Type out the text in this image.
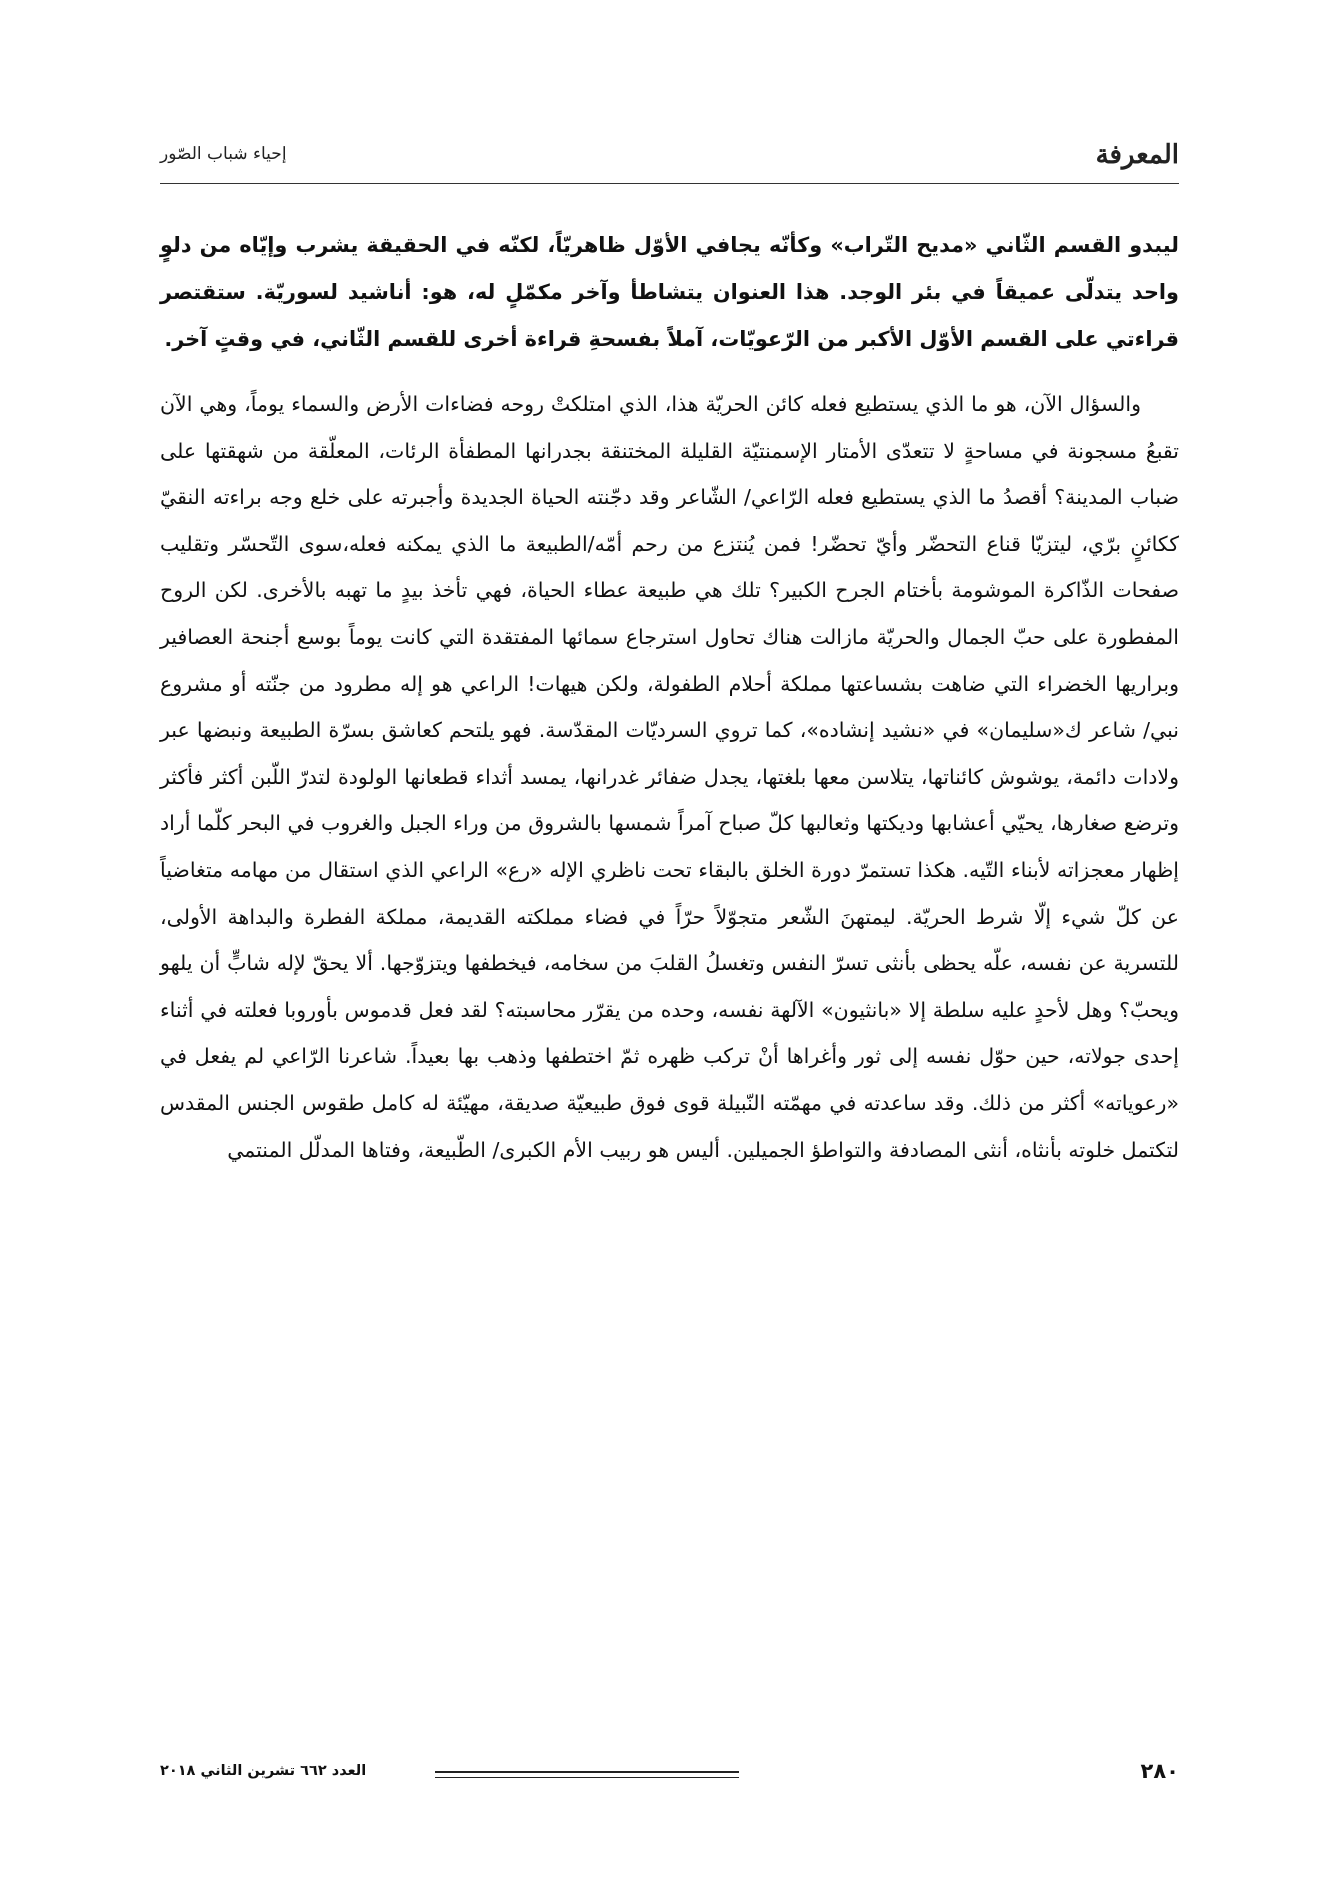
المعرفة
إحياء شباب الصّور

ليبدو القسم الثّاني «مديح التّراب» وكأنّه يجافي الأوّل ظاهريّاً، لكنّه في الحقيقة يشرب وإيّاه من دلوٍ واحد يتدلّى عميقاً في بئر الوجد. هذا العنوان يتشاطأ وآخر مكمّلٍ له، هو: أناشيد لسوريّة. ستقتصر قراءتي على القسم الأوّل الأكبر من الرّعويّات، آملاً بفسحةِ قراءة أخرى للقسم الثّاني، في وقتٍ آخر.

والسؤال الآن، هو ما الذي يستطيع فعله كائن الحريّة هذا، الذي امتلكتْ روحه فضاءات الأرض والسماء يوماً، وهي الآن تقبعُ مسجونة في مساحةٍ لا تتعدّى الأمتار الإسمنتيّة القليلة المختنقة بجدرانها المطفأة الرئات، المعلّقة من شهقتها على ضباب المدينة؟ أقصدُ ما الذي يستطيع فعله الرّاعي/ الشّاعر وقد دجّنته الحياة الجديدة وأجبرته على خلع وجه براءته النقيّ ككائنٍ برّي، ليتزيّا قناع التحضّر وأيّ تحضّر! فمن يُنتزع من رحم أمّه/الطبيعة ما الذي يمكنه فعله،سوى التّحسّر وتقليب صفحات الذّاكرة الموشومة بأختام الجرح الكبير؟ تلك هي طبيعة عطاء الحياة، فهي تأخذ بيدٍ ما تهبه بالأخرى. لكن الروح المفطورة على حبّ الجمال والحريّة مازالت هناك تحاول استرجاع سمائها المفتقدة التي كانت يوماً بوسع أجنحة العصافير وبراريها الخضراء التي ضاهت بشساعتها مملكة أحلام الطفولة، ولكن هيهات! الراعي هو إله مطرود من جنّته أو مشروع نبي/ شاعر ك«سليمان» في «نشيد إنشاده»، كما تروي السرديّات المقدّسة. فهو يلتحم كعاشق بسرّة الطبيعة ونبضها عبر ولادات دائمة، يوشوش كائناتها، يتلاسن معها بلغتها، يجدل ضفائر غدرانها، يمسد أثداء قطعانها الولودة لتدرّ اللّبن أكثر فأكثر وترضع صغارها، يحيّي أعشابها وديكتها وثعالبها كلّ صباح آمراً شمسها بالشروق من وراء الجبل والغروب في البحر كلّما أراد إظهار معجزاته لأبناء التّيه. هكذا تستمرّ دورة الخلق بالبقاء تحت ناظري الإله «رع» الراعي الذي استقال من مهامه متغاضياً عن كلّ شيء إلّا شرط الحريّة. ليمتهنَ الشّعر متجوّلاً حرّاً في فضاء مملكته القديمة، مملكة الفطرة والبداهة الأولى، للتسرية عن نفسه، علّه يحظى بأنثى تسرّ النفس وتغسلُ القلبَ من سخامه، فيخطفها ويتزوّجها. ألا يحقّ لإله شابٍّ أن يلهو ويحبّ؟ وهل لأحدٍ عليه سلطة إلا «بانثيون» الآلهة نفسه، وحده من يقرّر محاسبته؟ لقد فعل قدموس بأوروبا فعلته في أثناء إحدى جولاته، حين حوّل نفسه إلى ثور وأغراها أنْ تركب ظهره ثمّ اختطفها وذهب بها بعيداً. شاعرنا الرّاعي لم يفعل في «رعوياته» أكثر من ذلك. وقد ساعدته في مهمّته النّبيلة قوى فوق طبيعيّة صديقة، مهيّئة له كامل طقوس الجنس المقدس لتكتمل خلوته بأنثاه، أنثى المصادفة والتواطؤ الجميلين. أليس هو ربيب الأم الكبرى/ الطّبيعة، وفتاها المدلّل المنتمي

٢٨٠
العدد ٦٦٢ تشرين الثاني ٢٠١٨
